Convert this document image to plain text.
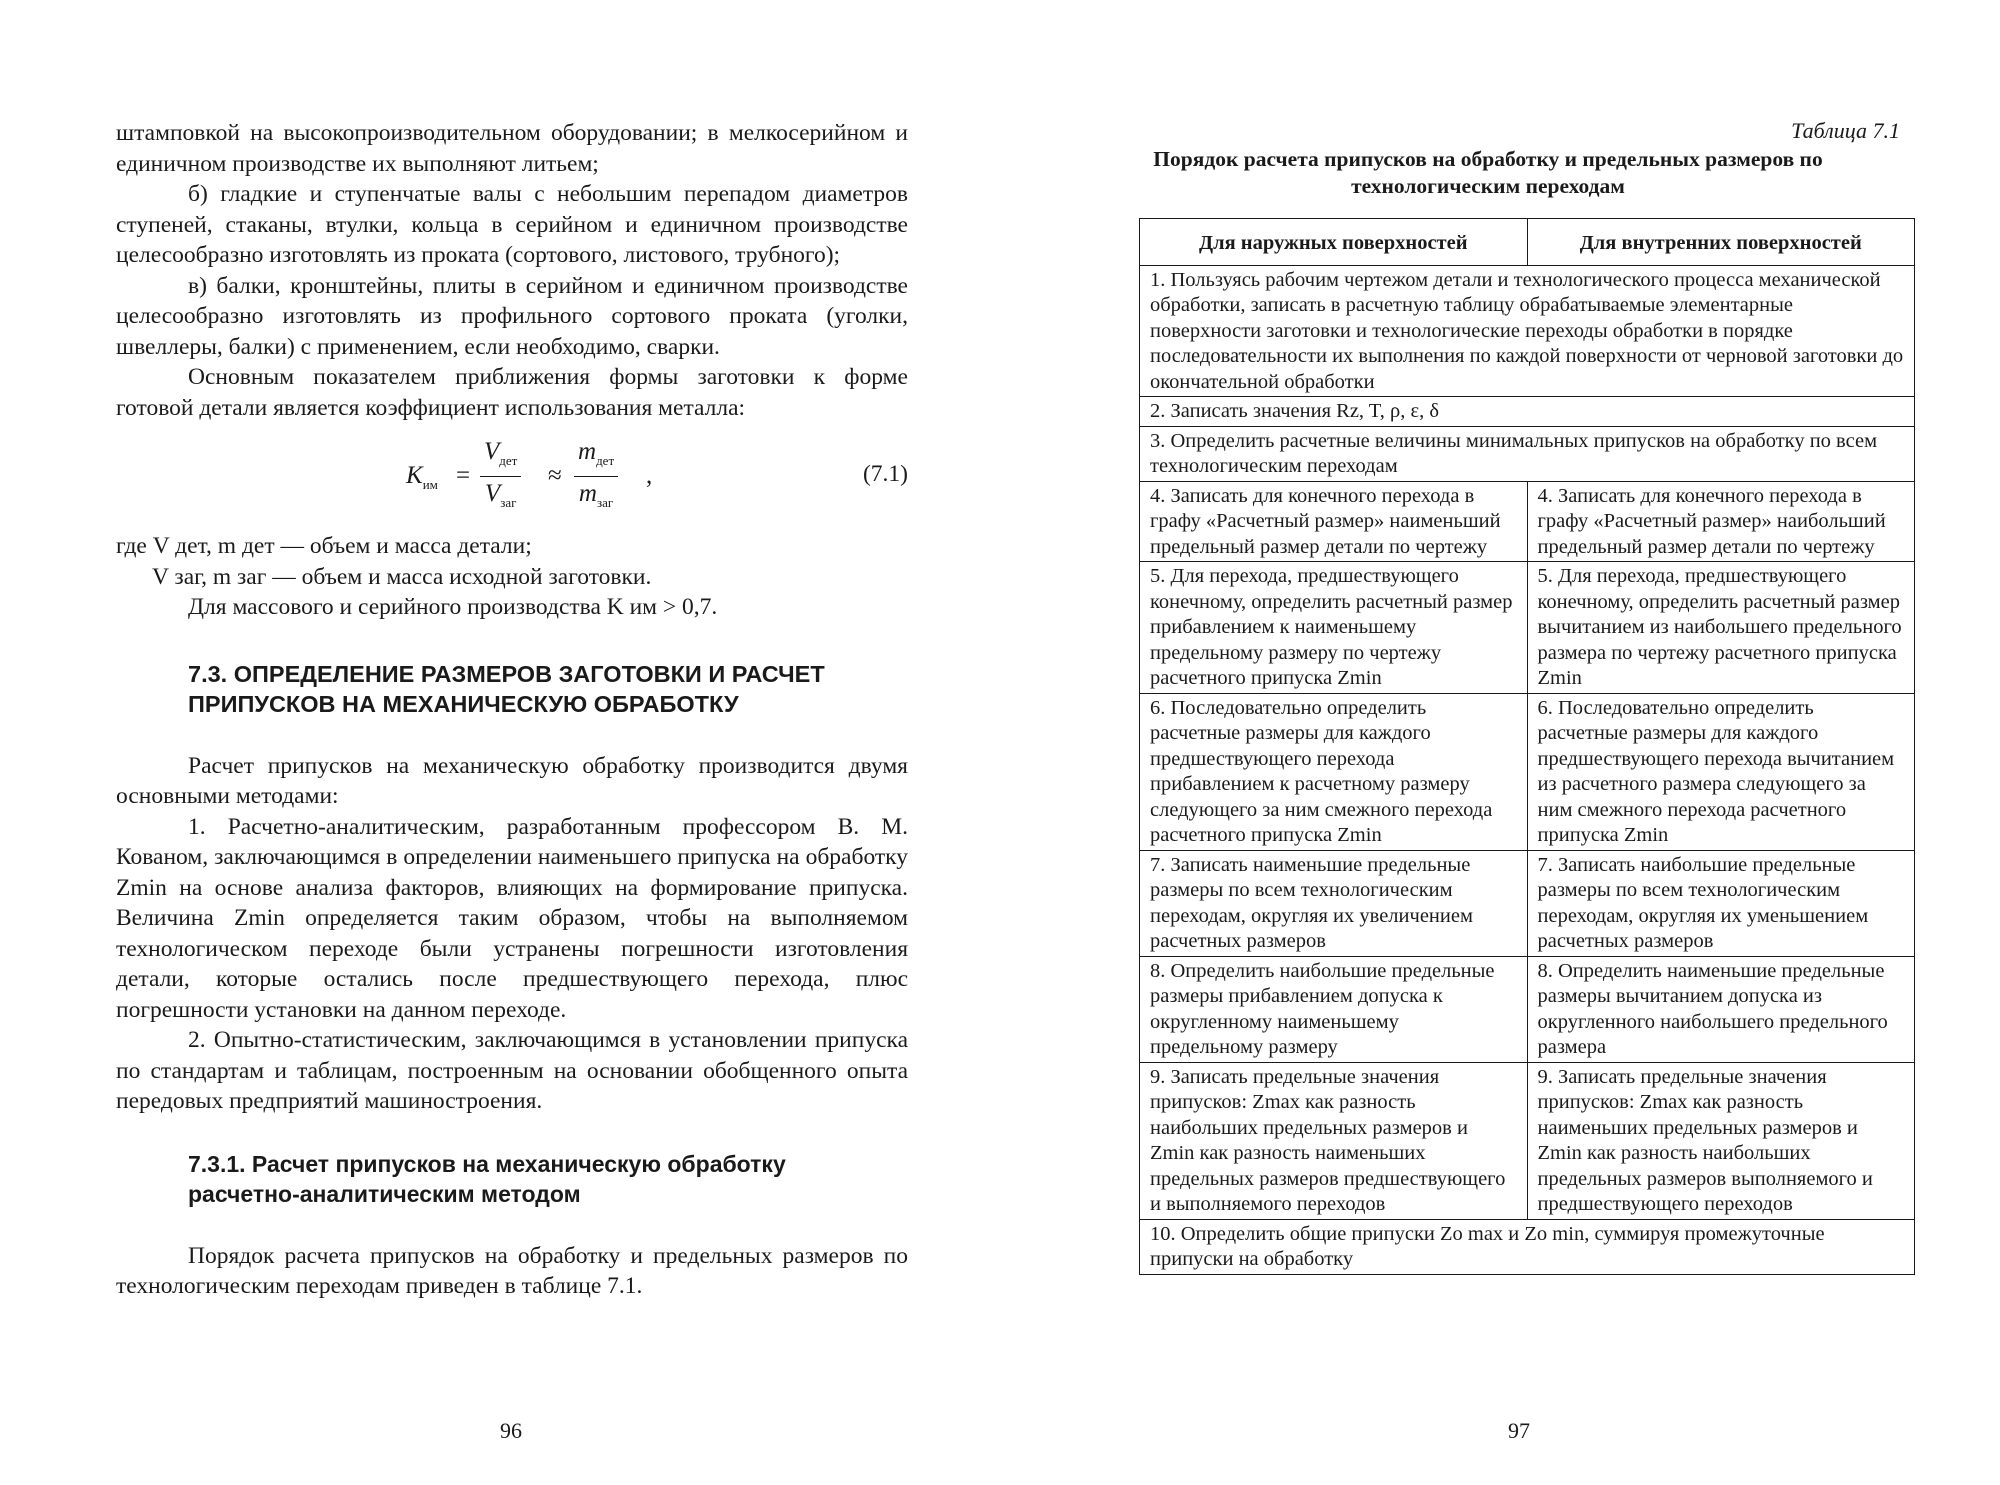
штамповкой на высокопроизводительном оборудовании; в мелкосерийном и единичном производстве их выполняют литьем;

б) гладкие и ступенчатые валы с небольшим перепадом диаметров ступеней, стаканы, втулки, кольца в серийном и единичном производстве целесообразно изготовлять из проката (сортового, листового, трубного);

в) балки, кронштейны, плиты в серийном и единичном производстве целесообразно изготовлять из профильного сортового проката (уголки, швеллеры, балки) с применением, если необходимо, сварки.

Основным показателем приближения формы заготовки к форме готовой детали является коэффициент использования металла:

$K_{им}$ =
$V_{дет}$
$V_{заг}$
≈
$m_{дет}$
$m_{заг}$
,	(7.1)

где V дет, m дет — объем и масса детали;

V заг, m заг — объем и масса исходной заготовки.

Для массового и серийного производства K им > 0,7.

7.3. ОПРЕДЕЛЕНИЕ РАЗМЕРОВ ЗАГОТОВКИ И РАСЧЕТ
ПРИПУСКОВ НА МЕХАНИЧЕСКУЮ ОБРАБОТКУ

Расчет припусков на механическую обработку производится двумя основными методами:

1. Расчетно-аналитическим, разработанным профессором В. М. Кованом, заключающимся в определении наименьшего припуска на обработку Zmin на основе анализа факторов, влияющих на формирование припуска. Величина Zmin определяется таким образом, чтобы на выполняемом технологическом переходе были устранены погрешности изготовления детали, которые остались после предшествующего перехода, плюс погрешности установки на данном переходе.

2. Опытно-статистическим, заключающимся в установлении припуска по стандартам и таблицам, построенным на основании обобщенного опыта передовых предприятий машиностроения.

7.3.1. Расчет припусков на механическую обработку
расчетно-аналитическим методом

Порядок расчета припусков на обработку и предельных размеров по технологическим переходам приведен в таблице 7.1.

96
Таблица 7.1
Порядок расчета припусков на обработку и предельных размеров по технологическим переходам
Для наружных поверхностей	Для внутренних поверхностей
1. Пользуясь рабочим чертежом детали и технологического процесса механической обработки, записать в расчетную таблицу обрабатываемые элементарные поверхности заготовки и технологические переходы обработки в порядке последовательности их выполнения по каждой поверхности от черновой заготовки до окончательной обработки	
2. Записать значения Rz, T, ρ, ε, δ	
3. Определить расчетные величины минимальных припусков на обработку по всем технологическим переходам	
4. Записать для конечного перехода в графу «Расчетный размер» наименьший предельный размер детали по чертежу	4. Записать для конечного перехода в графу «Расчетный размер» наибольший предельный размер детали по чертежу
5. Для перехода, предшествующего конечному, определить расчетный размер прибавлением к наименьшему предельному размеру по чертежу расчетного припуска Zmin	5. Для перехода, предшествующего конечному, определить расчетный размер вычитанием из наибольшего предельного размера по чертежу расчетного припуска Zmin
6. Последовательно определить расчетные размеры для каждого предшествующего перехода прибавлением к расчетному размеру следующего за ним смежного перехода расчетного припуска Zmin	6. Последовательно определить расчетные размеры для каждого предшествующего перехода вычитанием из расчетного размера следующего за ним смежного перехода расчетного припуска Zmin
7. Записать наименьшие предельные размеры по всем технологическим переходам, округляя их увеличением расчетных размеров	7. Записать наибольшие предельные размеры по всем технологическим переходам, округляя их уменьшением расчетных размеров
8. Определить наибольшие предельные размеры прибавлением допуска к округленному наименьшему предельному размеру	8. Определить наименьшие предельные размеры вычитанием допуска из округленного наибольшего предельного размера
9. Записать предельные значения припусков: Zmax как разность наибольших предельных размеров и Zmin как разность наименьших предельных размеров предшествующего и выполняемого переходов	9. Записать предельные значения припусков: Zmax как разность наименьших предельных размеров и Zmin как разность наибольших предельных размеров выполняемого и предшествующего переходов
10. Определить общие припуски Zo max и Zo min, суммируя промежуточные припуски на обработку	
97
